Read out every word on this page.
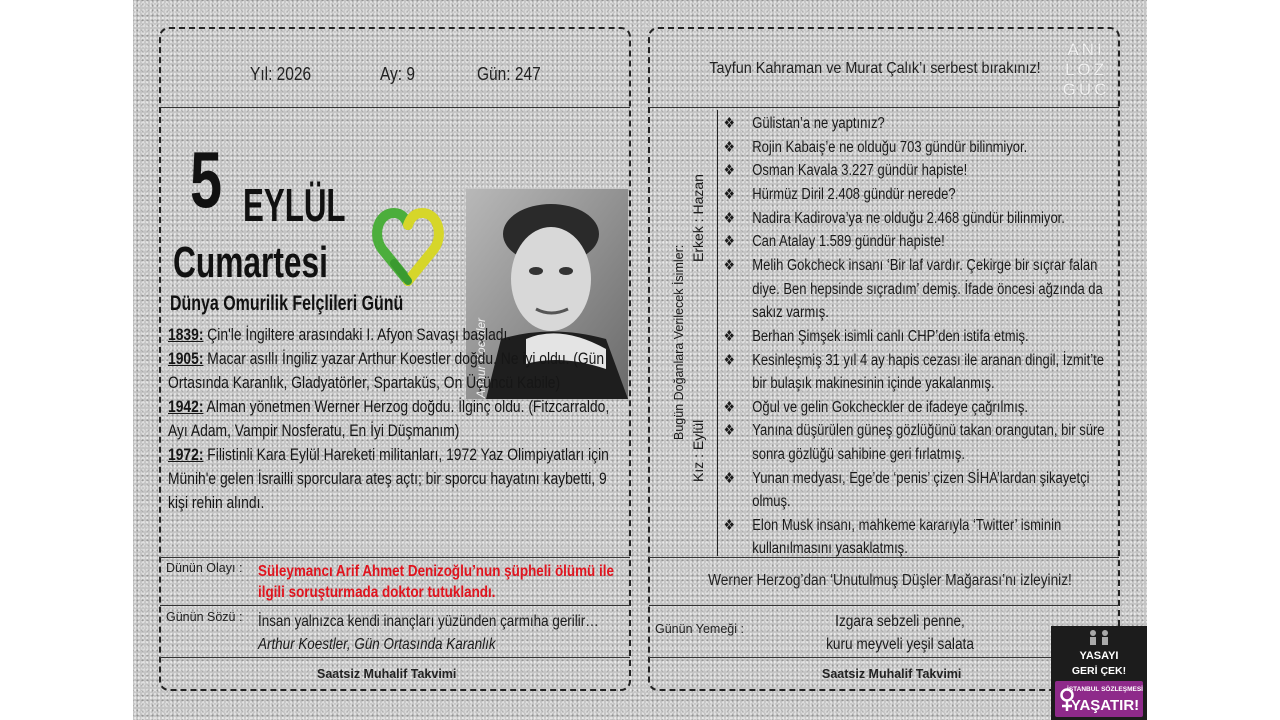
Yıl: 2026	Ay: 9	Gün: 247
5 EYLÜL
Cumartesi
Dünya Omurilik Felçlileri Günü
Arthur Koestler

1839: Çin'le İngiltere arasındaki I. Afyon Savaşı başladı.

1905: Macar asıllı İngiliz yazar Arthur Koestler doğdu. Ne iyi oldu. (Gün Ortasında Karanlık, Gladyatörler, Spartaküs, On Üçüncü Kabile)

1942: Alman yönetmen Werner Herzog doğdu. İlginç oldu. (Fitzcarraldo, Ayı Adam, Vampir Nosferatu, En İyi Düşmanım)

1972: Filistinli Kara Eylül Hareketi militanları, 1972 Yaz Olimpiyatları için Münih'e gelen İsrailli sporculara ateş açtı; bir sporcu hayatını kaybetti, 9 kişi rehin alındı.

Dünün Olayı : Süleymancı Arif Ahmet Denizoğlu’nun şüpheli ölümü ile ilgili soruşturmada doktor tutuklandı.
Günün Sözü : İnsan yalnızca kendi inançları yüzünden çarmıha gerilir…
Arthur Koestler, Gün Ortasında Karanlık
Saatsiz Muhalif Takvimi
Tayfun Kahraman ve Murat Çalık’ı serbest bırakınız!
ANI
LOZ
GÜC
Bugün Doğanlara Verilecek İsimler:
Erkek : Hazan
Kız : Eylül
❖ Gülistan’a ne yaptınız?
❖ Rojin Kabaiş’e ne olduğu 703 gündür bilinmiyor.
❖ Osman Kavala 3.227 gündür hapiste!
❖ Hürmüz Diril 2.408 gündür nerede?
❖ Nadira Kadirova’ya ne olduğu 2.468 gündür bilinmiyor.
❖ Can Atalay 1.589 gündür hapiste!
❖ Melih Gokcheck insanı ‘Bir laf vardır. Çekirge bir sıçrar falan diye. Ben hepsinde sıçradım’ demiş. İfade öncesi ağzında da sakız varmış.
❖ Berhan Şimşek isimli canlı CHP’den istifa etmiş.
❖ Kesinleşmiş 31 yıl 4 ay hapis cezası ile aranan dingil, İzmit’te bir bulaşık makinesinin içinde yakalanmış.
❖ Oğul ve gelin Gokcheckler de ifadeye çağrılmış.
❖ Yanına düşürülen güneş gözlüğünü takan orangutan, bir süre sonra gözlüğü sahibine geri fırlatmış.
❖ Yunan medyası, Ege’de ‘penis’ çizen SİHA’lardan şikayetçi olmuş.
❖ Elon Musk insanı, mahkeme kararıyla ‘Twitter’ isminin kullanılmasını yasaklatmış.
Werner Herzog’dan ‘Unutulmuş Düşler Mağarası’nı izleyiniz!
Günün Yemeği :	Izgara sebzeli penne,
kuru meyveli yeşil salata
Saatsiz Muhalif Takvimi
YASAYI
GERİ ÇEK!
İSTANBUL SÖZLEŞMESİ
YAŞATIR!
